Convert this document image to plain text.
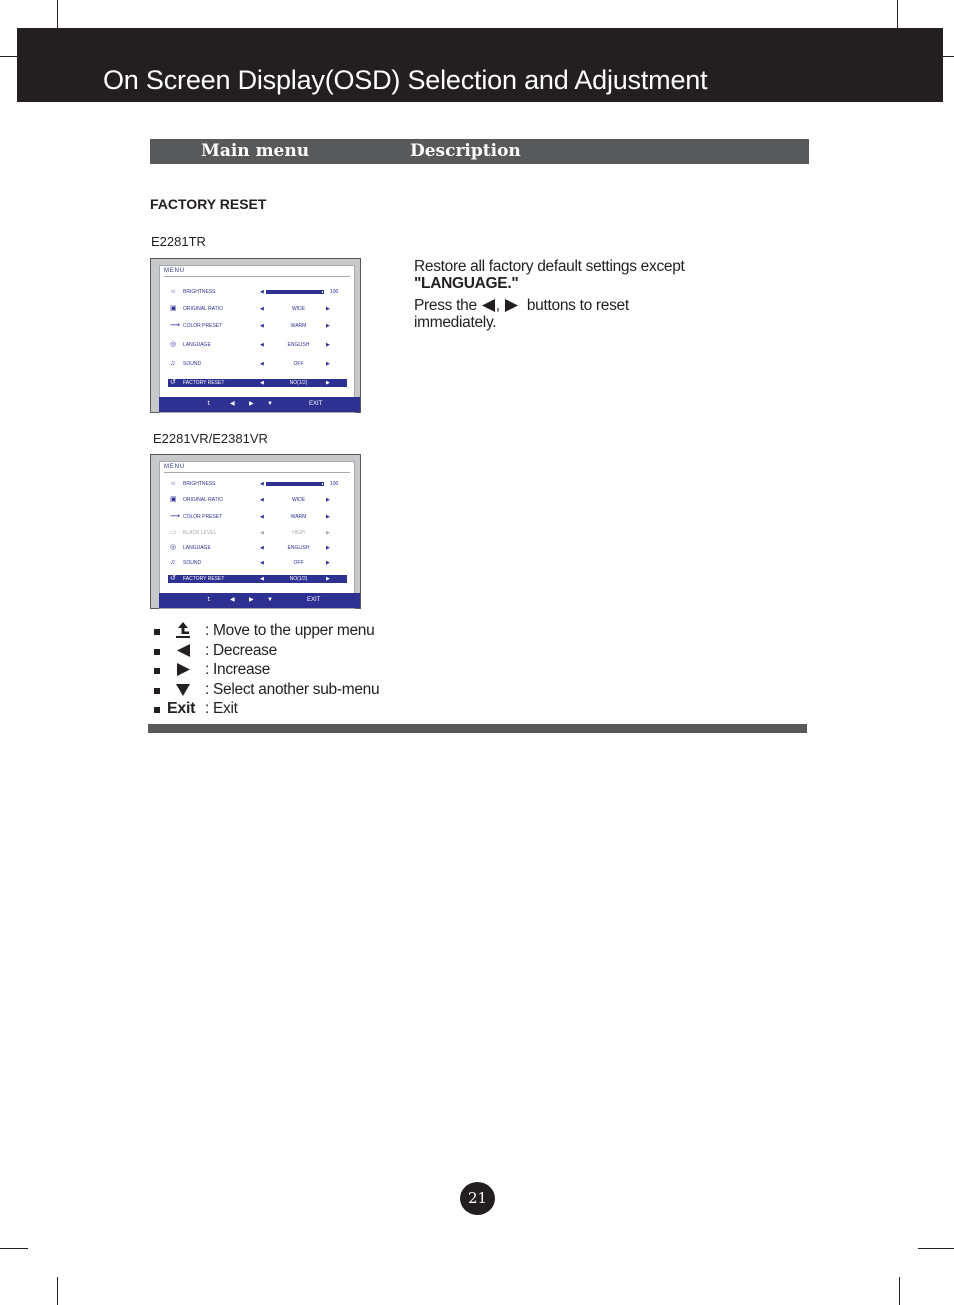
On Screen Display(OSD) Selection and Adjustment
Main menu	Description
FACTORY RESET
E2281TR

Restore all factory default settings except

"LANGUAGE."

Press the , buttons to reset

immediately.

MENU
☼ BRIGHTNESS	◀	100
▣ ORIGINAL RATIO	◀	WIDE	▶
⟿ COLOR PRESET	◀	WARM	▶
◎ LANGUAGE	◀	ENGLISH	▶
♫ SOUND	◀	OFF	▶
↺ FACTORY RESET	◀	NO(1/2)	▶
⮤	◀ ▶ ▼	EXIT
E2281VR/E2381VR
MENU
☼ BRIGHTNESS	◀	100
▣ ORIGINAL RATIO	◀	WIDE	▶
⟿ COLOR PRESET	◀	WARM	▶
▭ BLACK LEVEL	◀	HIGH	▶
◎ LANGUAGE	◀	ENGLISH	▶
♫ SOUND	◀	OFF	▶
↺ FACTORY RESET	◀	NO(1/2)	▶
⮤	◀ ▶ ▼	EXIT
: Move to the upper menu
: Decrease
: Increase
: Select another sub-menu
Exit : Exit
21
